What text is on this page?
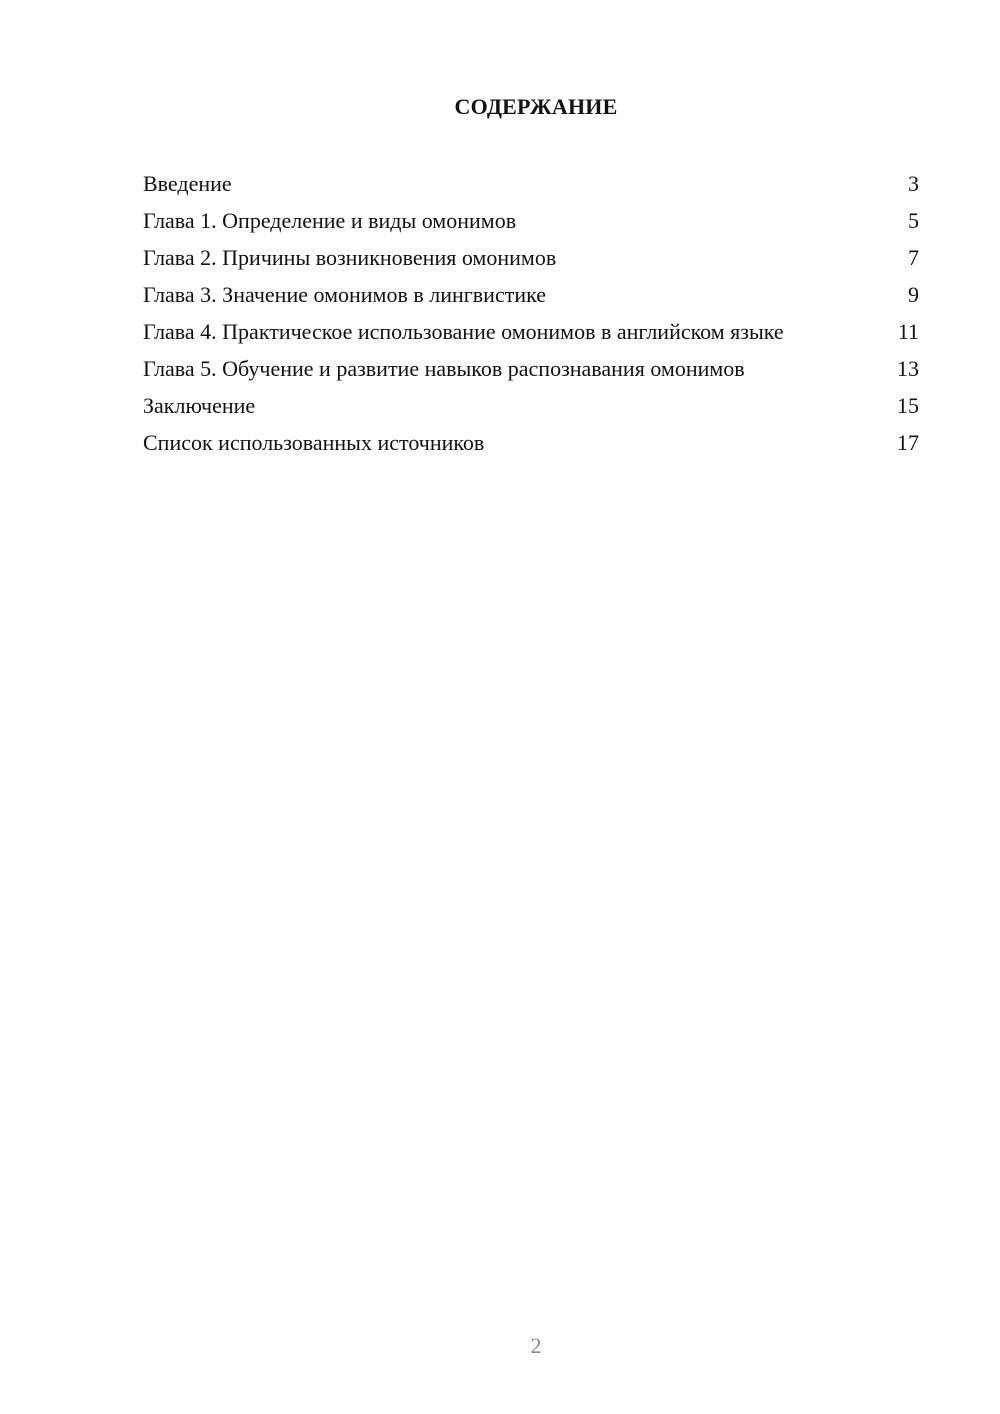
СОДЕРЖАНИЕ
Введение	3
Глава 1. Определение и виды омонимов	5
Глава 2. Причины возникновения омонимов	7
Глава 3. Значение омонимов в лингвистике	9
Глава 4. Практическое использование омонимов в английском языке	11
Глава 5. Обучение и развитие навыков распознавания омонимов	13
Заключение	15
Список использованных источников	17
2
